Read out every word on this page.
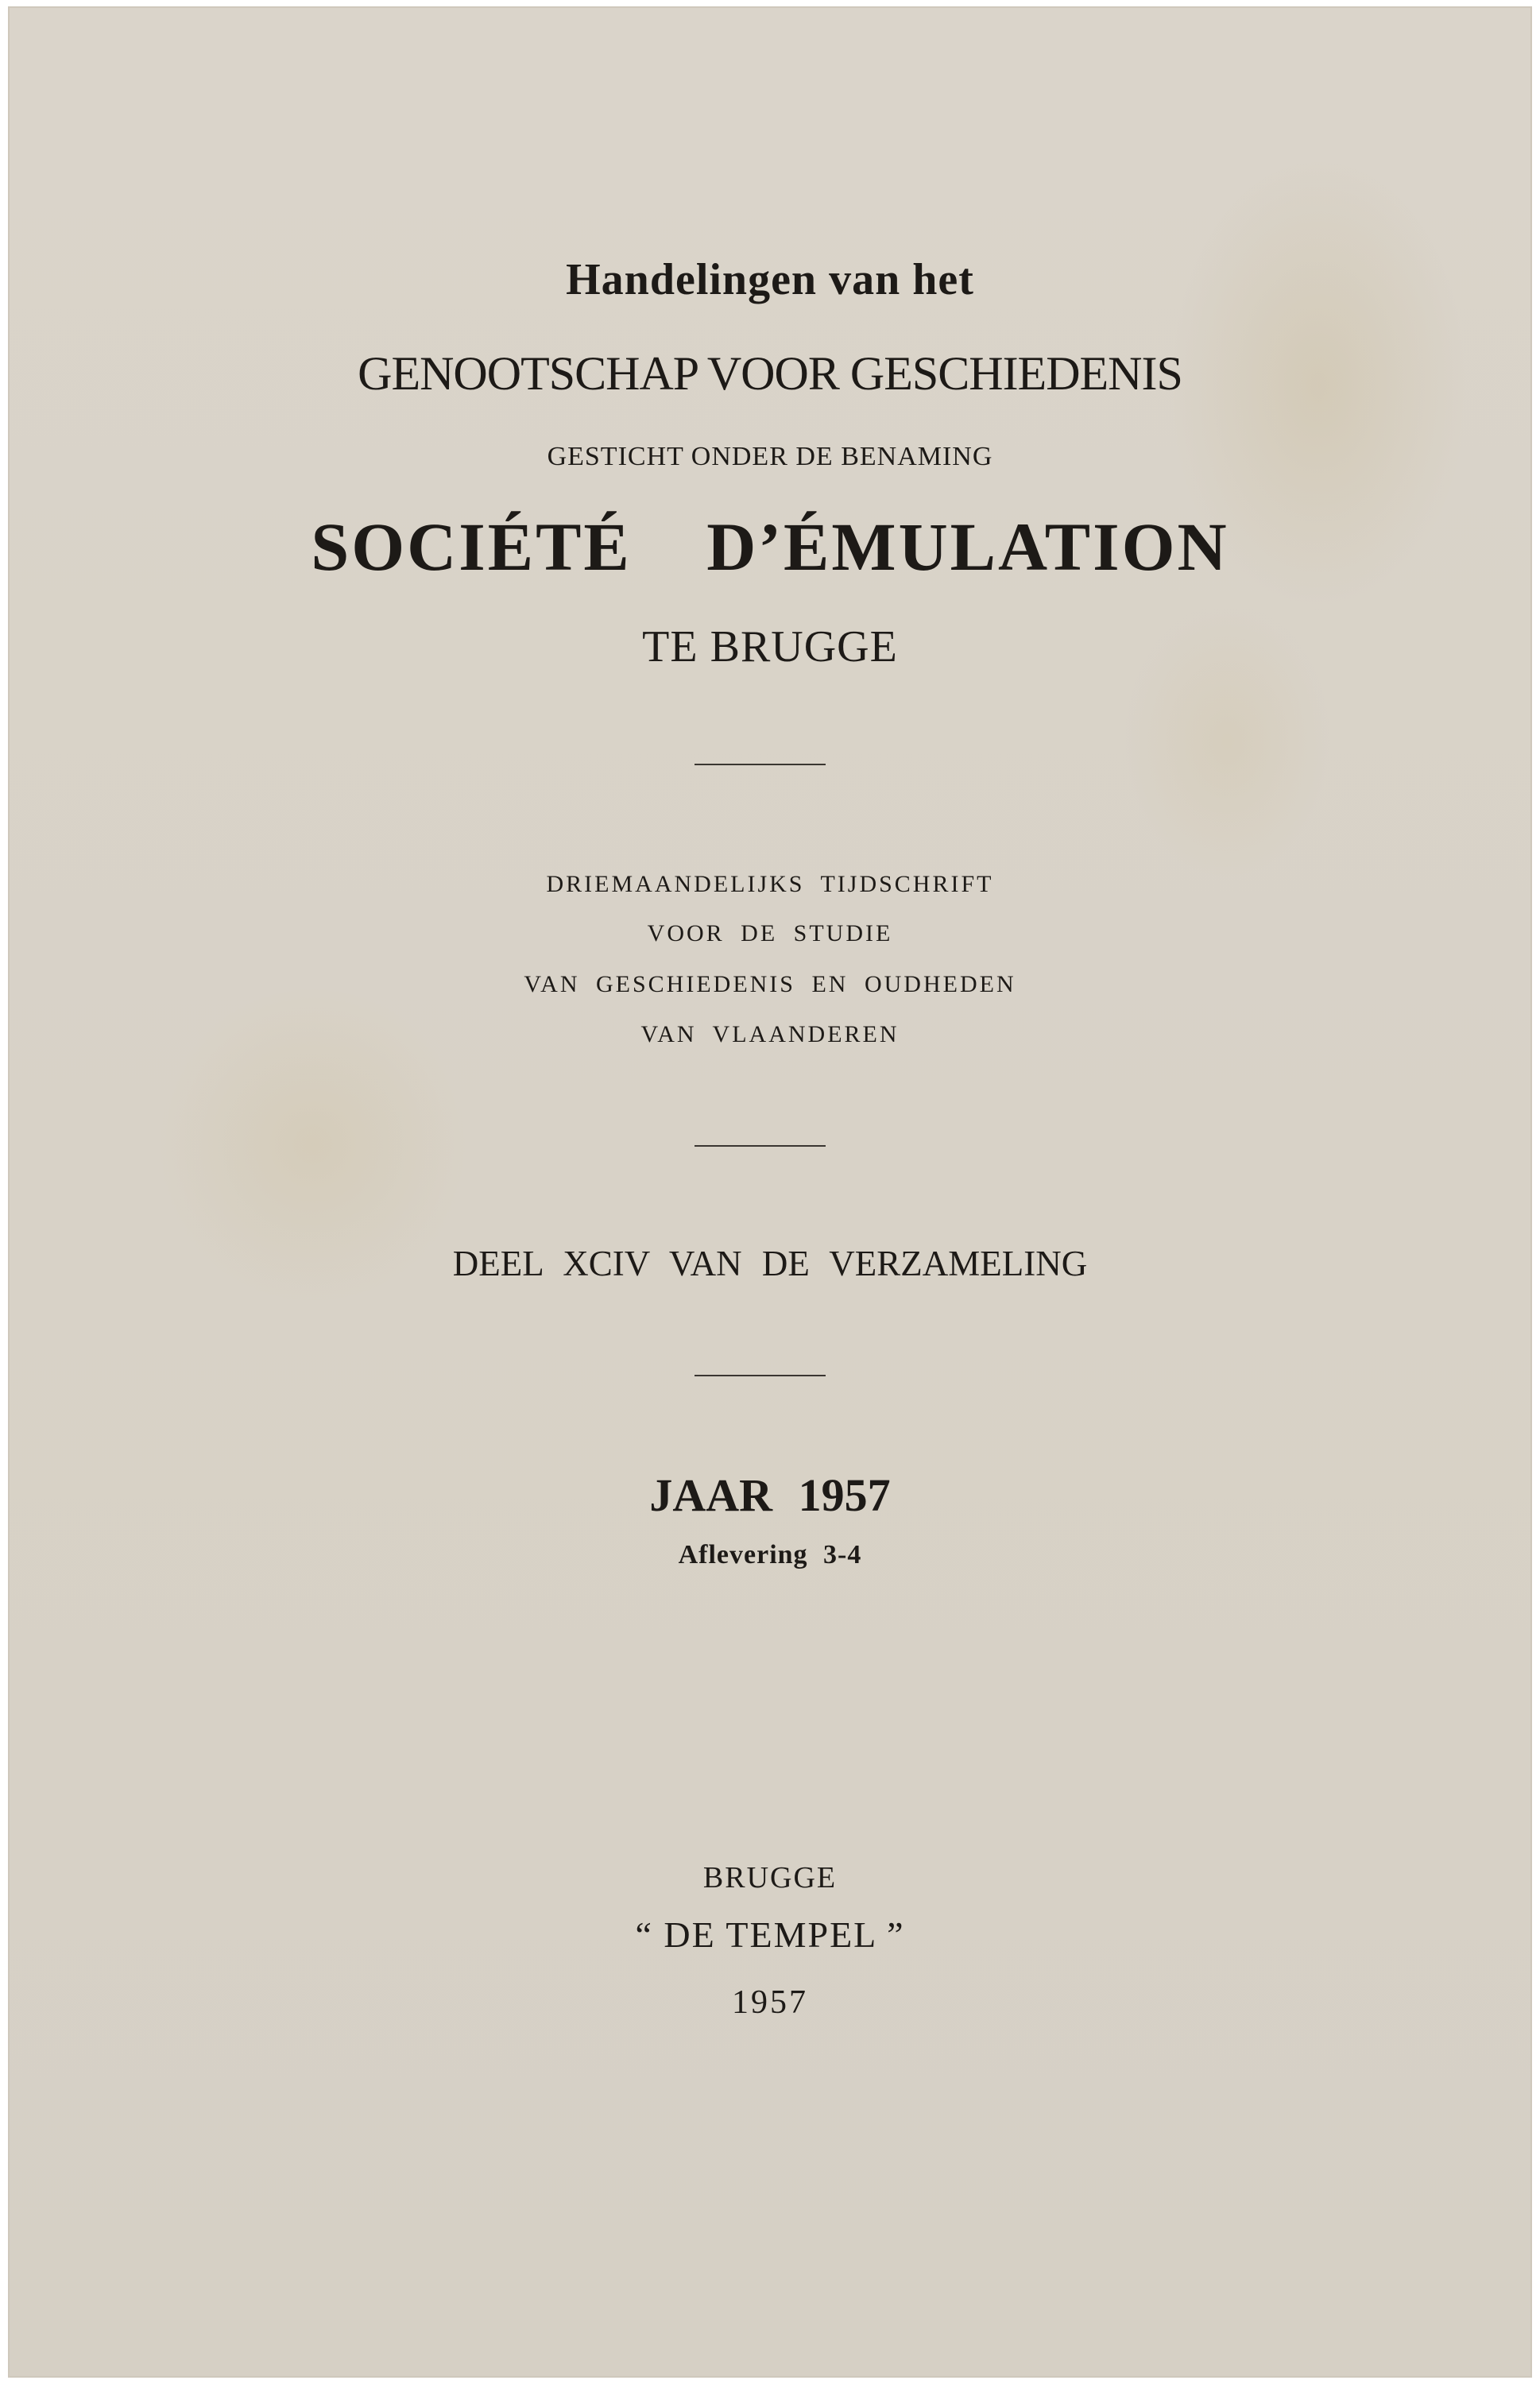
Handelingen van het
GENOOTSCHAP VOOR GESCHIEDENIS
GESTICHT ONDER DE BENAMING
SOCIÉTÉ D’ÉMULATION
TE BRUGGE
DRIEMAANDELIJKS TIJDSCHRIFT
VOOR DE STUDIE
VAN GESCHIEDENIS EN OUDHEDEN
VAN VLAANDEREN
DEEL XCIV VAN DE VERZAMELING
JAAR 1957
Aflevering 3-4
BRUGGE
“ DE TEMPEL ”
1957
